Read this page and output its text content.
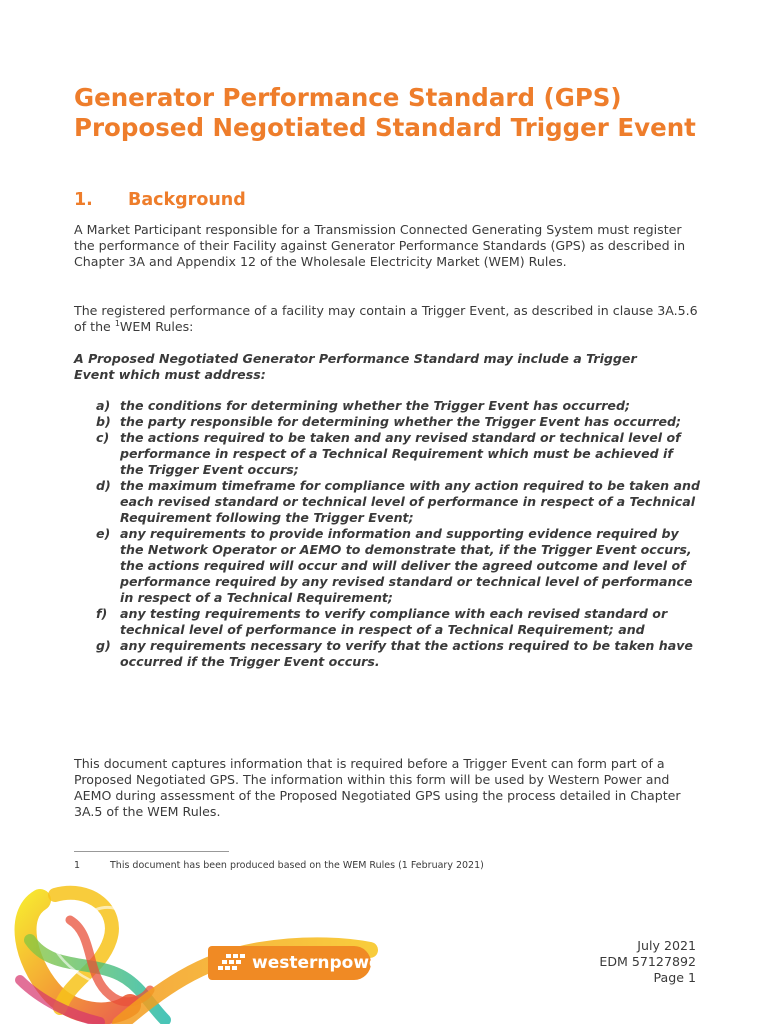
Generator Performance Standard (GPS) Proposed Negotiated Standard Trigger Event
1. Background

A Market Participant responsible for a Transmission Connected Generating System must register the performance of their Facility against Generator Performance Standards (GPS) as described in Chapter 3A and Appendix 12 of the Wholesale Electricity Market (WEM) Rules.

The registered performance of a facility may contain a Trigger Event, as described in clause 3A.5.6 of the $^1$WEM Rules:

A Proposed Negotiated Generator Performance Standard may include a Trigger Event which must address:

a) the conditions for determining whether the Trigger Event has occurred;
b) the party responsible for determining whether the Trigger Event has occurred;
c) the actions required to be taken and any revised standard or technical level of performance in respect of a Technical Requirement which must be achieved if the Trigger Event occurs;
d) the maximum timeframe for compliance with any action required to be taken and each revised standard or technical level of performance in respect of a Technical Requirement following the Trigger Event;
e) any requirements to provide information and supporting evidence required by the Network Operator or AEMO to demonstrate that, if the Trigger Event occurs, the actions required will occur and will deliver the agreed outcome and level of performance required by any revised standard or technical level of performance in respect of a Technical Requirement;
f) any testing requirements to verify compliance with each revised standard or technical level of performance in respect of a Technical Requirement; and
g) any requirements necessary to verify that the actions required to be taken have occurred if the Trigger Event occurs.

This document captures information that is required before a Trigger Event can form part of a Proposed Negotiated GPS. The information within this form will be used by Western Power and AEMO during assessment of the Proposed Negotiated GPS using the process detailed in Chapter 3A.5 of the WEM Rules.

1	This document has been produced based on the WEM Rules (1 February 2021)
westernpower
July 2021
EDM 57127892
Page 1
